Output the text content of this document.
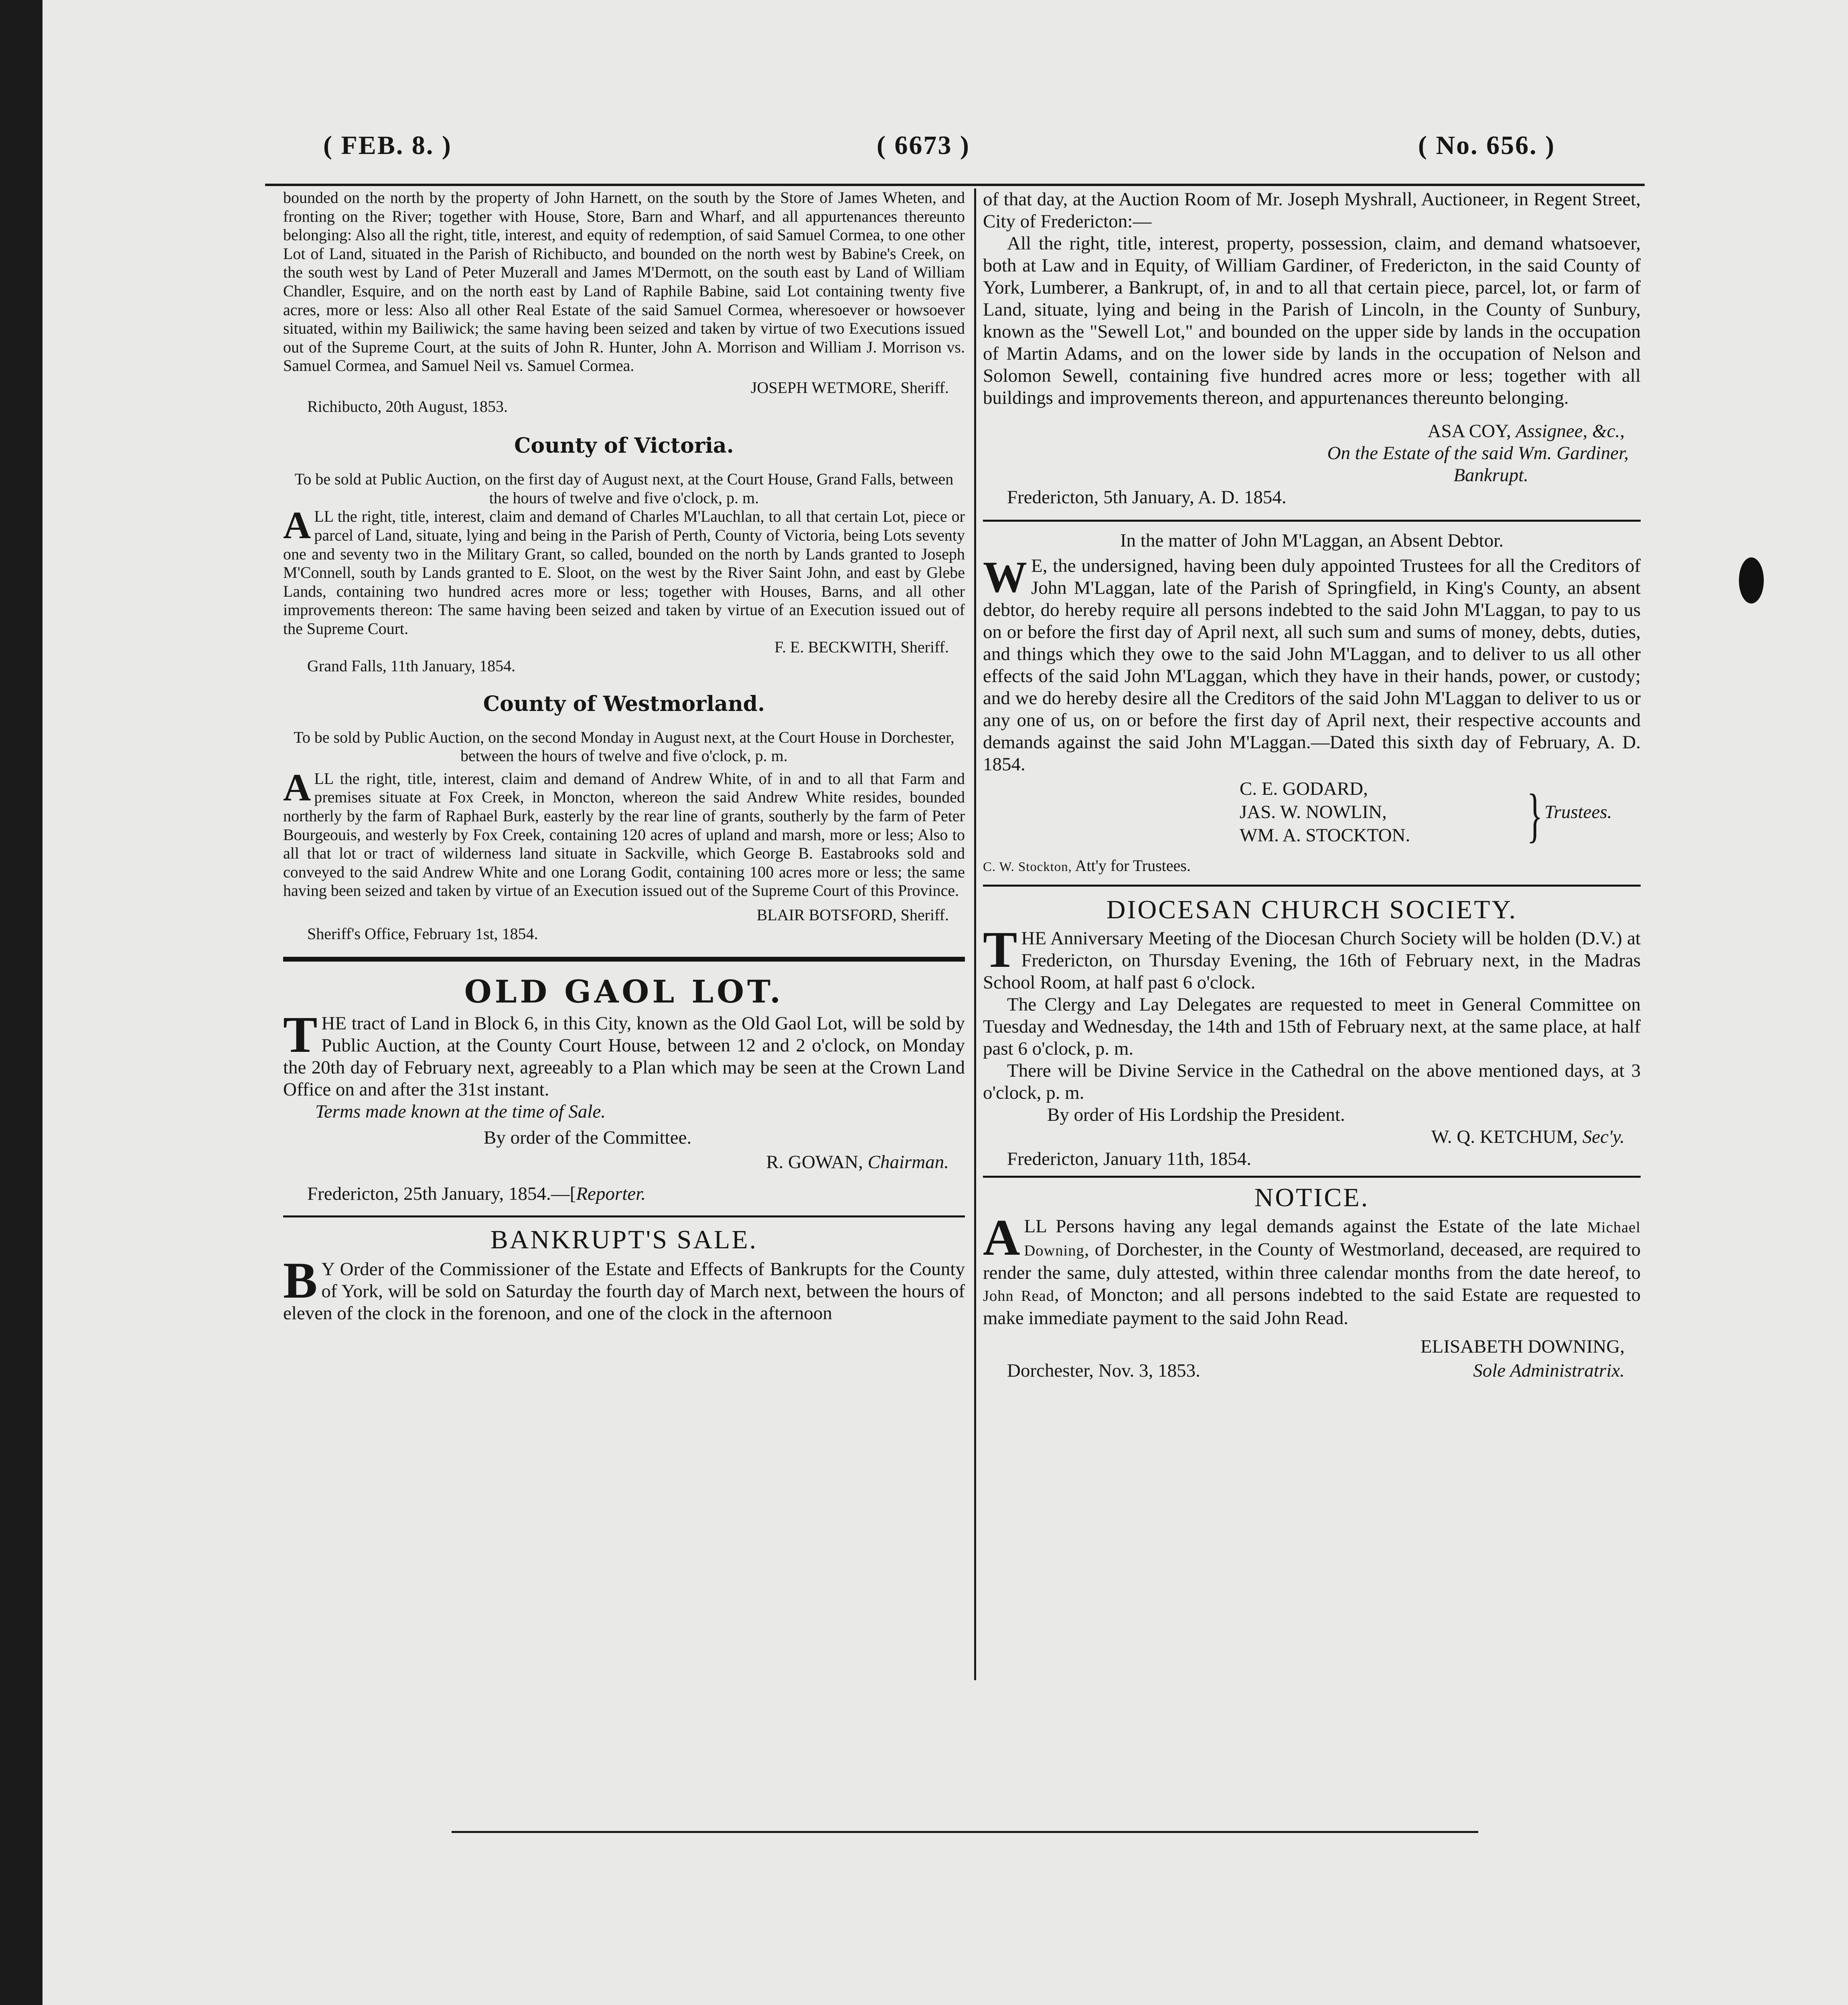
( FEB. 8. )	( 6673 )	( No. 656. )

bounded on the north by the property of John Harnett, on the south by the Store of James Wheten, and fronting on the River; together with House, Store, Barn and Wharf, and all appurtenances thereunto belonging: Also all the right, title, interest, and equity of redemption, of said Samuel Cormea, to one other Lot of Land, situated in the Parish of Richibucto, and bounded on the north west by Babine's Creek, on the south west by Land of Peter Muzerall and James M'Dermott, on the south east by Land of William Chandler, Esquire, and on the north east by Land of Raphile Babine, said Lot containing twenty five acres, more or less: Also all other Real Estate of the said Samuel Cormea, wheresoever or howsoever situated, within my Bailiwick; the same having been seized and taken by virtue of two Executions issued out of the Supreme Court, at the suits of John R. Hunter, John A. Morrison and William J. Morrison vs. Samuel Cormea, and Samuel Neil vs. Samuel Cormea.

JOSEPH WETMORE, Sheriff.
Richibucto, 20th August, 1853.
County of Victoria.

To be sold at Public Auction, on the first day of August next, at the Court House, Grand Falls, between the hours of twelve and five o'clock, p. m.

ALL the right, title, interest, claim and demand of Charles M'Lauchlan, to all that certain Lot, piece or parcel of Land, situate, lying and being in the Parish of Perth, County of Victoria, being Lots seventy one and seventy two in the Military Grant, so called, bounded on the north by Lands granted to Joseph M'Connell, south by Lands granted to E. Sloot, on the west by the River Saint John, and east by Glebe Lands, containing two hundred acres more or less; together with Houses, Barns, and all other improvements thereon: The same having been seized and taken by virtue of an Execution issued out of the Supreme Court.

F. E. BECKWITH, Sheriff.
Grand Falls, 11th January, 1854.
County of Westmorland.

To be sold by Public Auction, on the second Monday in August next, at the Court House in Dorchester, between the hours of twelve and five o'clock, p. m.

ALL the right, title, interest, claim and demand of Andrew White, of in and to all that Farm and premises situate at Fox Creek, in Moncton, whereon the said Andrew White resides, bounded northerly by the farm of Raphael Burk, easterly by the rear line of grants, southerly by the farm of Peter Bourgeouis, and westerly by Fox Creek, containing 120 acres of upland and marsh, more or less; Also to all that lot or tract of wilderness land situate in Sackville, which George B. Eastabrooks sold and conveyed to the said Andrew White and one Lorang Godit, containing 100 acres more or less; the same having been seized and taken by virtue of an Execution issued out of the Supreme Court of this Province.

BLAIR BOTSFORD, Sheriff.
Sheriff's Office, February 1st, 1854.
OLD GAOL LOT.

THE tract of Land in Block 6, in this City, known as the Old Gaol Lot, will be sold by Public Auction, at the County Court House, between 12 and 2 o'clock, on Monday the 20th day of February next, agreeably to a Plan which may be seen at the Crown Land Office on and after the 31st instant.

Terms made known at the time of Sale.
By order of the Committee.
R. GOWAN, Chairman.
Fredericton, 25th January, 1854.—[Reporter.
BANKRUPT'S SALE.

B Y Order of the Commissioner of the Estate and Effects of Bankrupts for the County of York, will be sold on Saturday the fourth day of March next, between the hours of eleven of the clock in the forenoon, and one of the clock in the afternoon

of that day, at the Auction Room of Mr. Joseph Myshrall, Auctioneer, in Regent Street, City of Fredericton:—

All the right, title, interest, property, possession, claim, and demand whatsoever, both at Law and in Equity, of William Gardiner, of Fredericton, in the said County of York, Lumberer, a Bankrupt, of, in and to all that certain piece, parcel, lot, or farm of Land, situate, lying and being in the Parish of Lincoln, in the County of Sunbury, known as the "Sewell Lot," and bounded on the upper side by lands in the occupation of Martin Adams, and on the lower side by lands in the occupation of Nelson and Solomon Sewell, containing five hundred acres more or less; together with all buildings and improvements thereon, and appurtenances thereunto belonging.

ASA COY, Assignee, &c.,
On the Estate of the said Wm. Gardiner,
Bankrupt.
Fredericton, 5th January, A. D. 1854.
In the matter of John M'Laggan, an Absent Debtor.

W E, the undersigned, having been duly appointed Trustees for all the Creditors of John M'Laggan, late of the Parish of Springfield, in King's County, an absent debtor, do hereby require all persons indebted to the said John M'Laggan, to pay to us on or before the first day of April next, all such sum and sums of money, debts, duties, and things which they owe to the said John M'Laggan, and to deliver to us all other effects of the said John M'Laggan, which they have in their hands, power, or custody; and we do hereby desire all the Creditors of the said John M'Laggan to deliver to us or any one of us, on or before the first day of April next, their respective accounts and demands against the said John M'Laggan.—Dated this sixth day of February, A. D. 1854.

C. E. GODARD,
JAS. W. NOWLIN,
WM. A. STOCKTON. } Trustees.
C. W. Stockton, Att'y for Trustees.
DIOCESAN CHURCH SOCIETY.

THE Anniversary Meeting of the Diocesan Church Society will be holden (D.V.) at Fredericton, on Thursday Evening, the 16th of February next, in the Madras School Room, at half past 6 o'clock.

The Clergy and Lay Delegates are requested to meet in General Committee on Tuesday and Wednesday, the 14th and 15th of February next, at the same place, at half past 6 o'clock, p. m.

There will be Divine Service in the Cathedral on the above mentioned days, at 3 o'clock, p. m.

By order of His Lordship the President.
W. Q. KETCHUM, Sec'y.
Fredericton, January 11th, 1854.
NOTICE.

ALL Persons having any legal demands against the Estate of the late Michael Downing, of Dorchester, in the County of Westmorland, deceased, are required to render the same, duly attested, within three calendar months from the date hereof, to John Read, of Moncton; and all persons indebted to the said Estate are requested to make immediate payment to the said John Read.

ELISABETH DOWNING,
Dorchester, Nov. 3, 1853.	Sole Administratrix.
